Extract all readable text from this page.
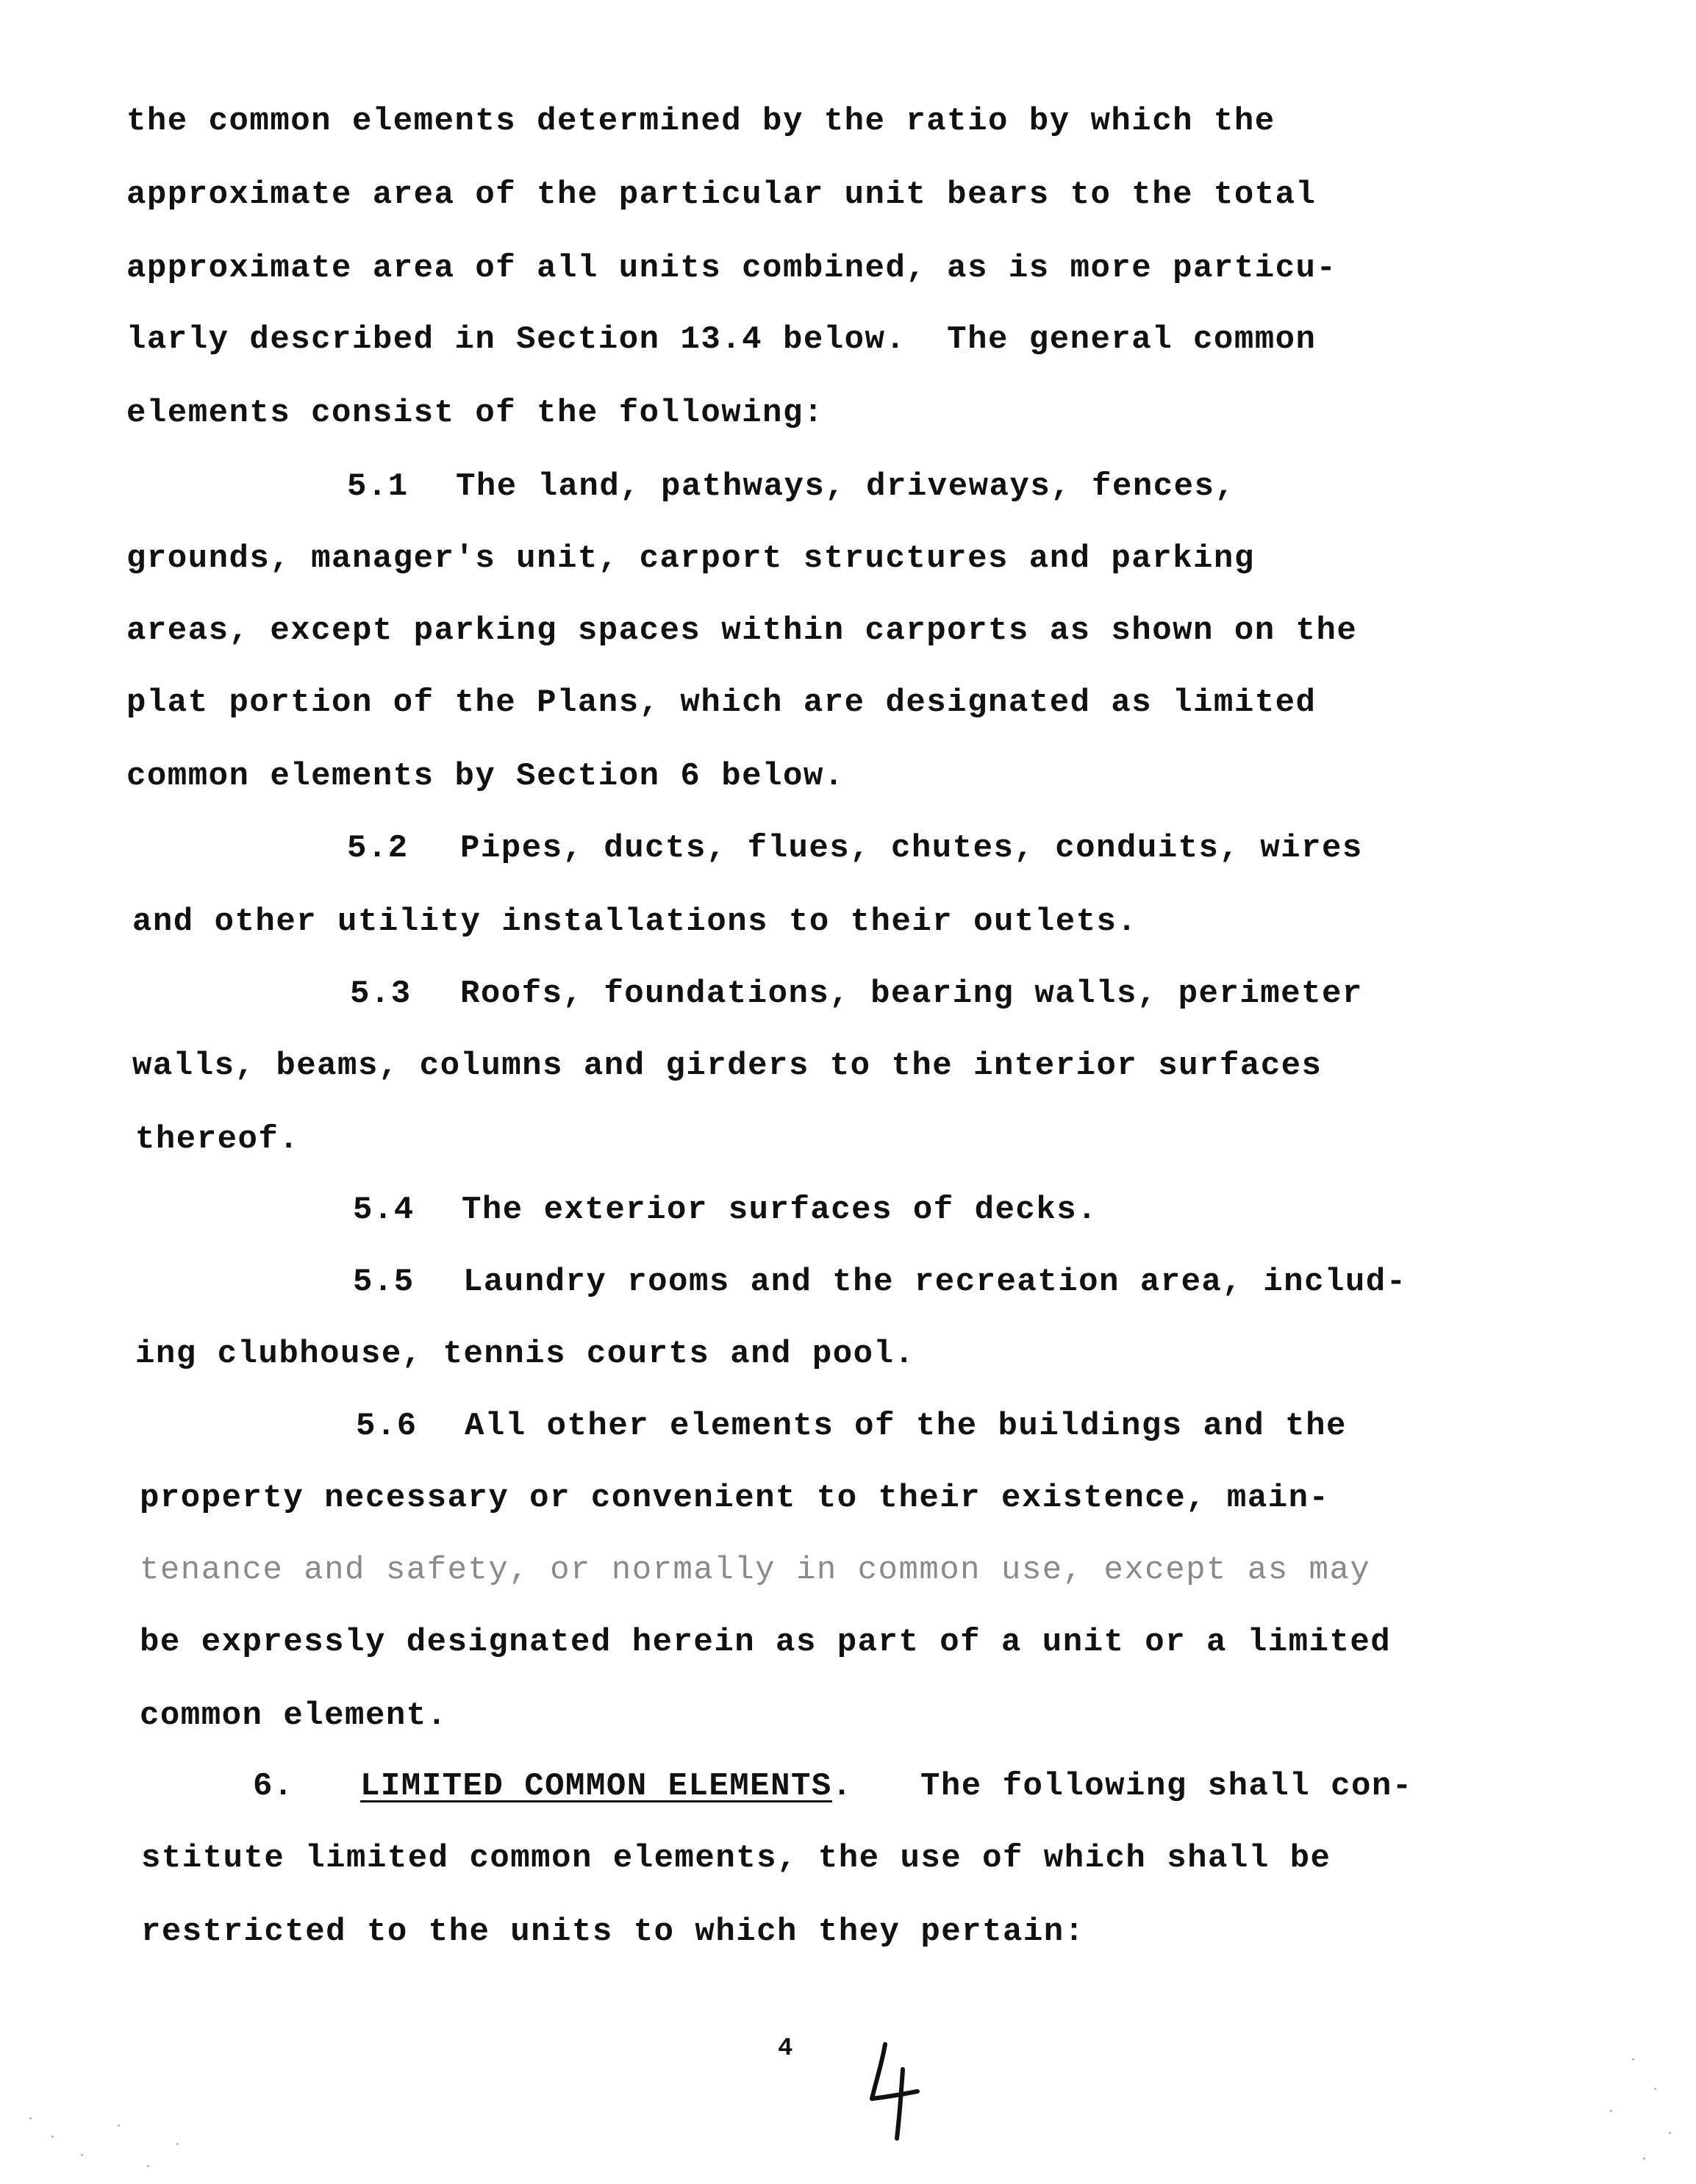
the common elements determined by the ratio by which the
approximate area of the particular unit bears to the total
approximate area of all units combined, as is more particu-
larly described in Section 13.4 below.  The general common
elements consist of the following:
5.1 The land, pathways, driveways, fences,
grounds, manager's unit, carport structures and parking
areas, except parking spaces within carports as shown on the
plat portion of the Plans, which are designated as limited
common elements by Section 6 below.
5.2 Pipes, ducts, flues, chutes, conduits, wires
and other utility installations to their outlets.
5.3 Roofs, foundations, bearing walls, perimeter
walls, beams, columns and girders to the interior surfaces
thereof.
5.4 The exterior surfaces of decks.
5.5 Laundry rooms and the recreation area, includ-
ing clubhouse, tennis courts and pool.
5.6 All other elements of the buildings and the
property necessary or convenient to their existence, main-
tenance and safety, or normally in common use, except as may
be expressly designated herein as part of a unit or a limited
common element.
6. LIMITED COMMON ELEMENTS. The following shall con-
stitute limited common elements, the use of which shall be
restricted to the units to which they pertain:
4
